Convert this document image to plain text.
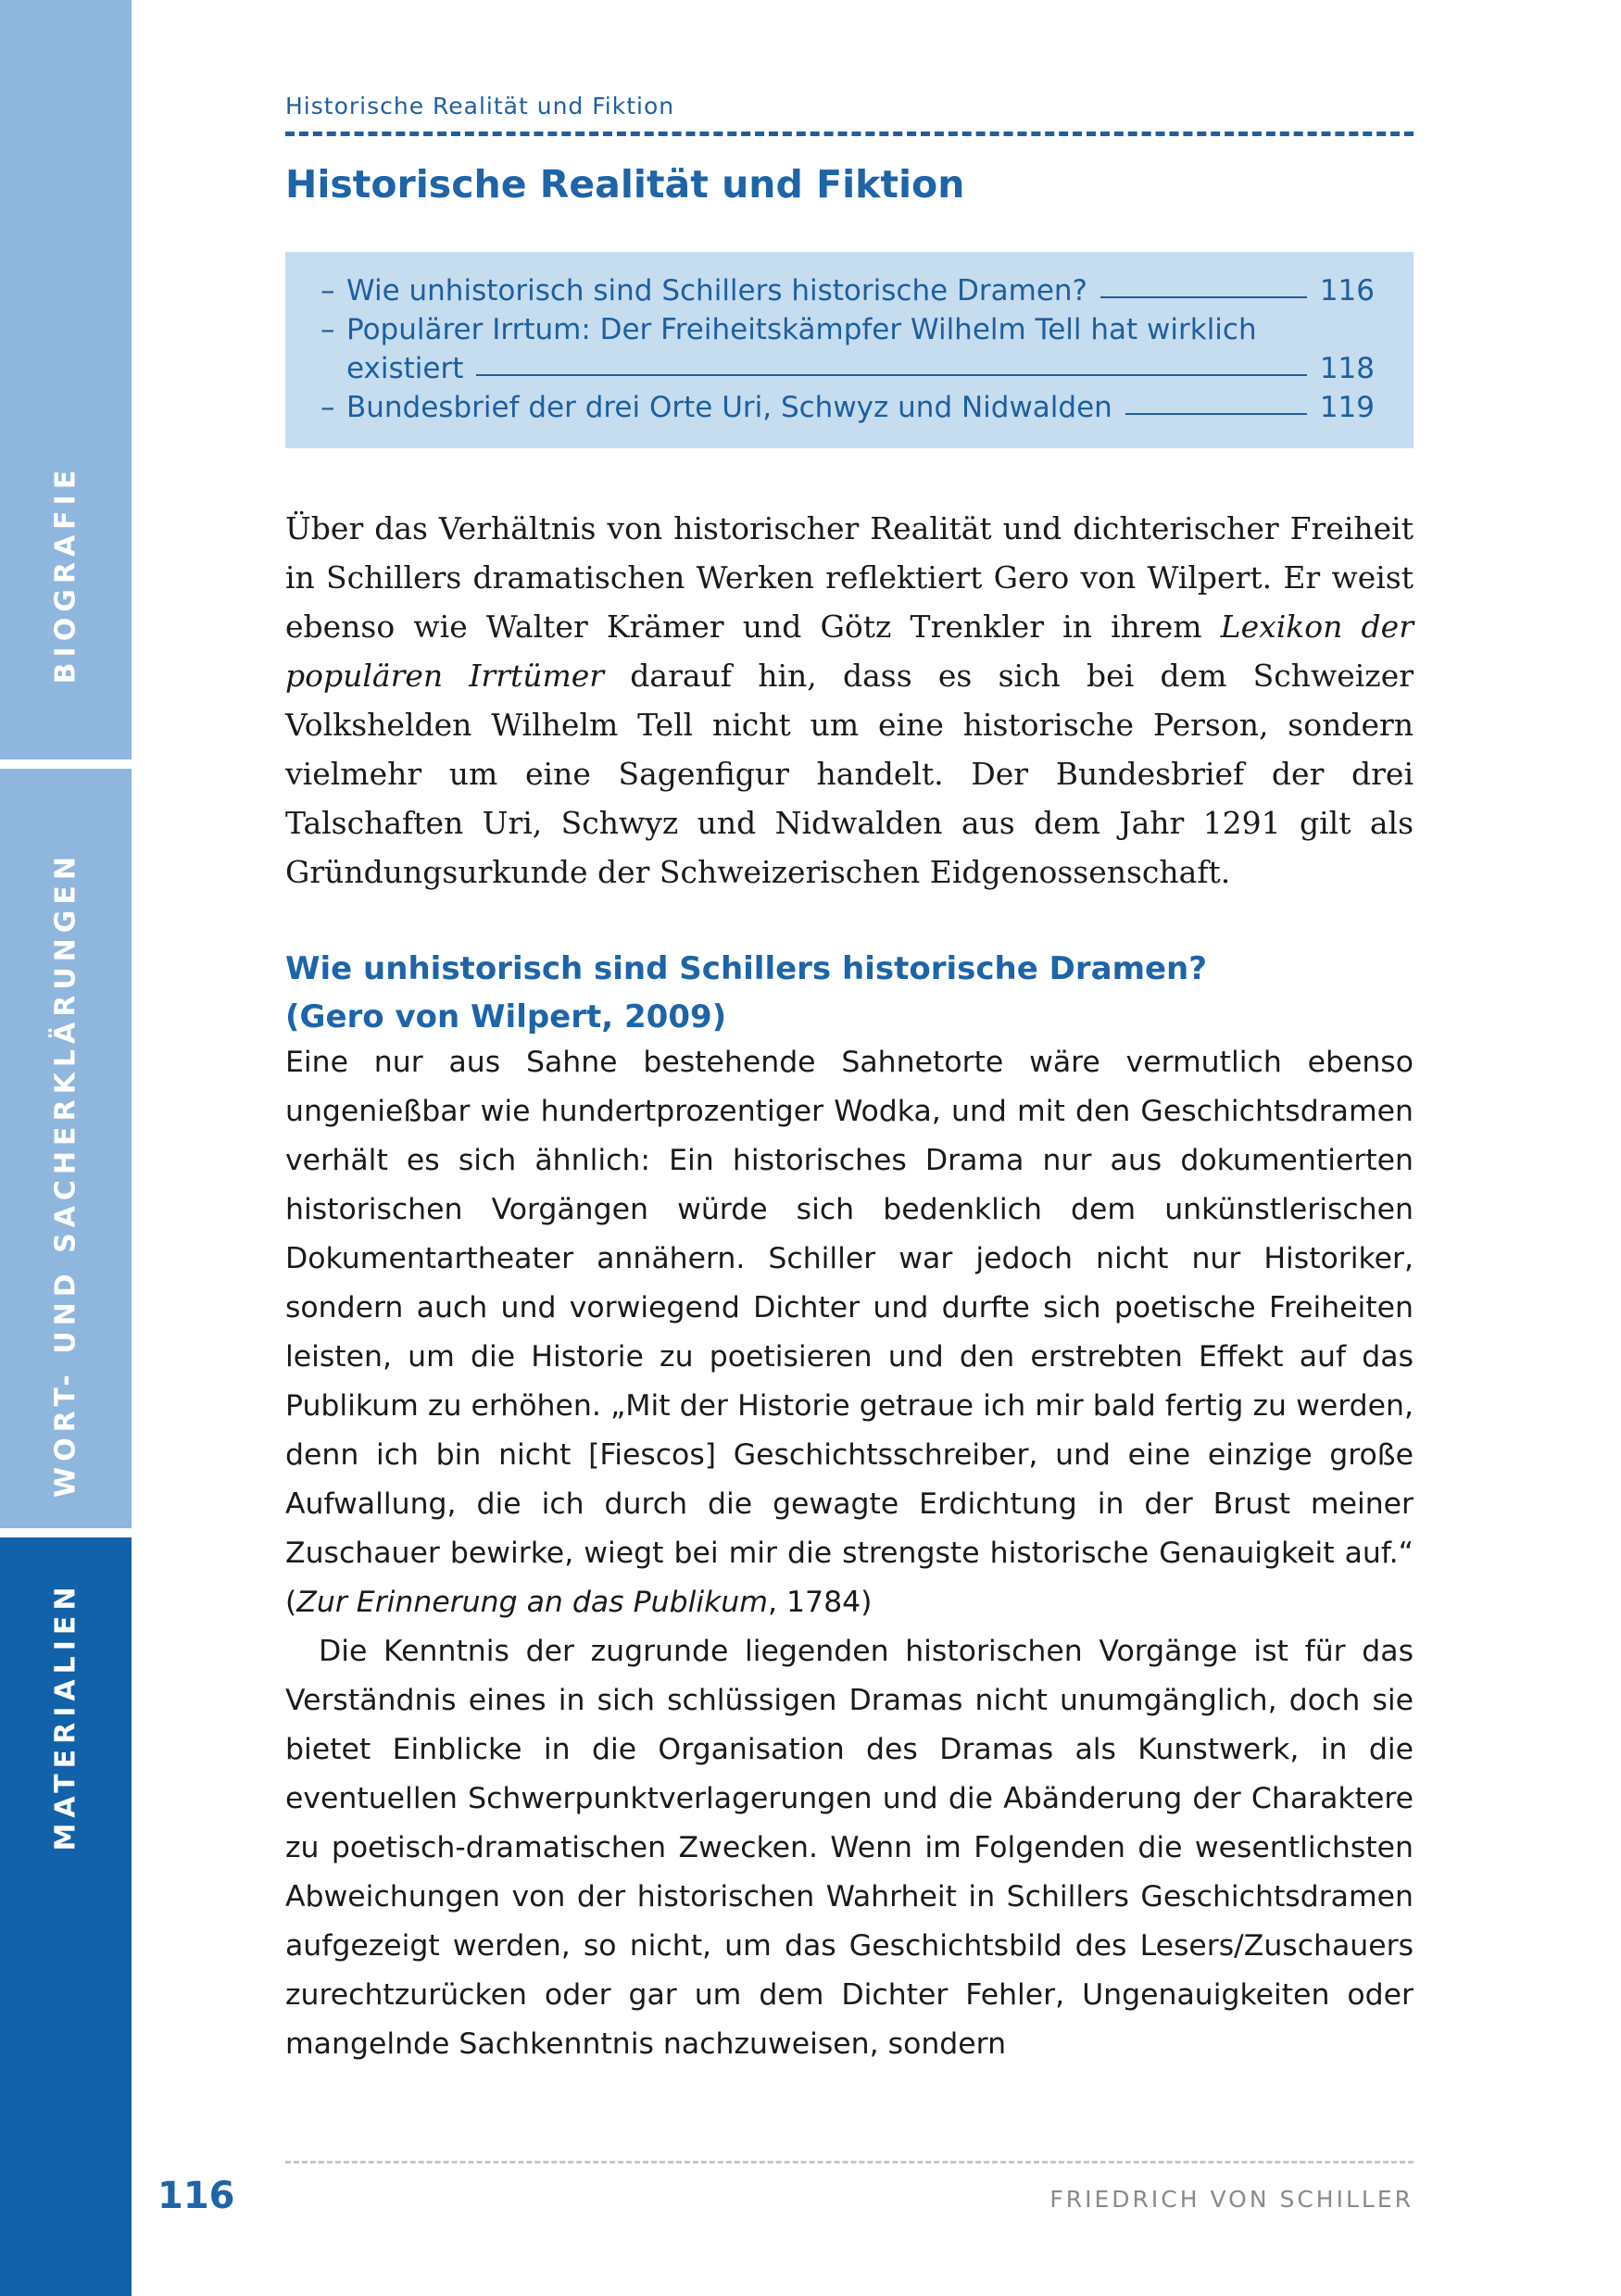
BIOGRAFIE
WORT- UND SACHERKLÄRUNGEN
MATERIALIEN
Historische Realität und Fiktion
Historische Realität und Fiktion
– Wie unhistorisch sind Schillers historische Dramen?	116
– Populärer Irrtum: Der Freiheitskämpfer Wilhelm Tell hat wirklich
existiert	118
– Bundesbrief der drei Orte Uri, Schwyz und Nidwalden	119

Über das Verhältnis von historischer Realität und dichterischer Freiheit in Schillers dramatischen Werken reflektiert Gero von Wilpert. Er weist ebenso wie Walter Krämer und Götz Trenkler in ihrem Lexikon der populären Irrtümer darauf hin, dass es sich bei dem Schweizer Volkshelden Wilhelm Tell nicht um eine historische Person, sondern vielmehr um eine Sagenfigur handelt. Der Bundesbrief der drei Talschaften Uri, Schwyz und Nidwalden aus dem Jahr 1291 gilt als Gründungsurkunde der Schweizerischen Eidgenossenschaft.

Wie unhistorisch sind Schillers historische Dramen?
(Gero von Wilpert, 2009)

Eine nur aus Sahne bestehende Sahnetorte wäre vermutlich ebenso ungenießbar wie hundertprozentiger Wodka, und mit den Geschichtsdramen verhält es sich ähnlich: Ein historisches Drama nur aus dokumentierten historischen Vorgängen würde sich bedenklich dem unkünstlerischen Dokumentartheater annähern. Schiller war jedoch nicht nur Historiker, sondern auch und vorwiegend Dichter und durfte sich poetische Freiheiten leisten, um die Historie zu poetisieren und den erstrebten Effekt auf das Publikum zu erhöhen. „Mit der Historie getraue ich mir bald fertig zu werden, denn ich bin nicht [Fiescos] Geschichtsschreiber, und eine einzige große Aufwallung, die ich durch die gewagte Erdichtung in der Brust meiner Zuschauer bewirke, wiegt bei mir die strengste historische Genauigkeit auf.“ (Zur Erinnerung an das Publikum, 1784)

Die Kenntnis der zugrunde liegenden historischen Vorgänge ist für das Verständnis eines in sich schlüssigen Dramas nicht unumgänglich, doch sie bietet Einblicke in die Organisation des Dramas als Kunstwerk, in die eventuellen Schwerpunktverlagerungen und die Abänderung der Charaktere zu poetisch-dramatischen Zwecken. Wenn im Folgenden die wesentlichsten Abweichungen von der historischen Wahrheit in Schillers Geschichtsdramen aufgezeigt werden, so nicht, um das Geschichtsbild des Lesers/Zuschauers zurechtzurücken oder gar um dem Dichter Fehler, Ungenauigkeiten oder mangelnde Sachkenntnis nachzuweisen, sondern

116	FRIEDRICH VON SCHILLER
